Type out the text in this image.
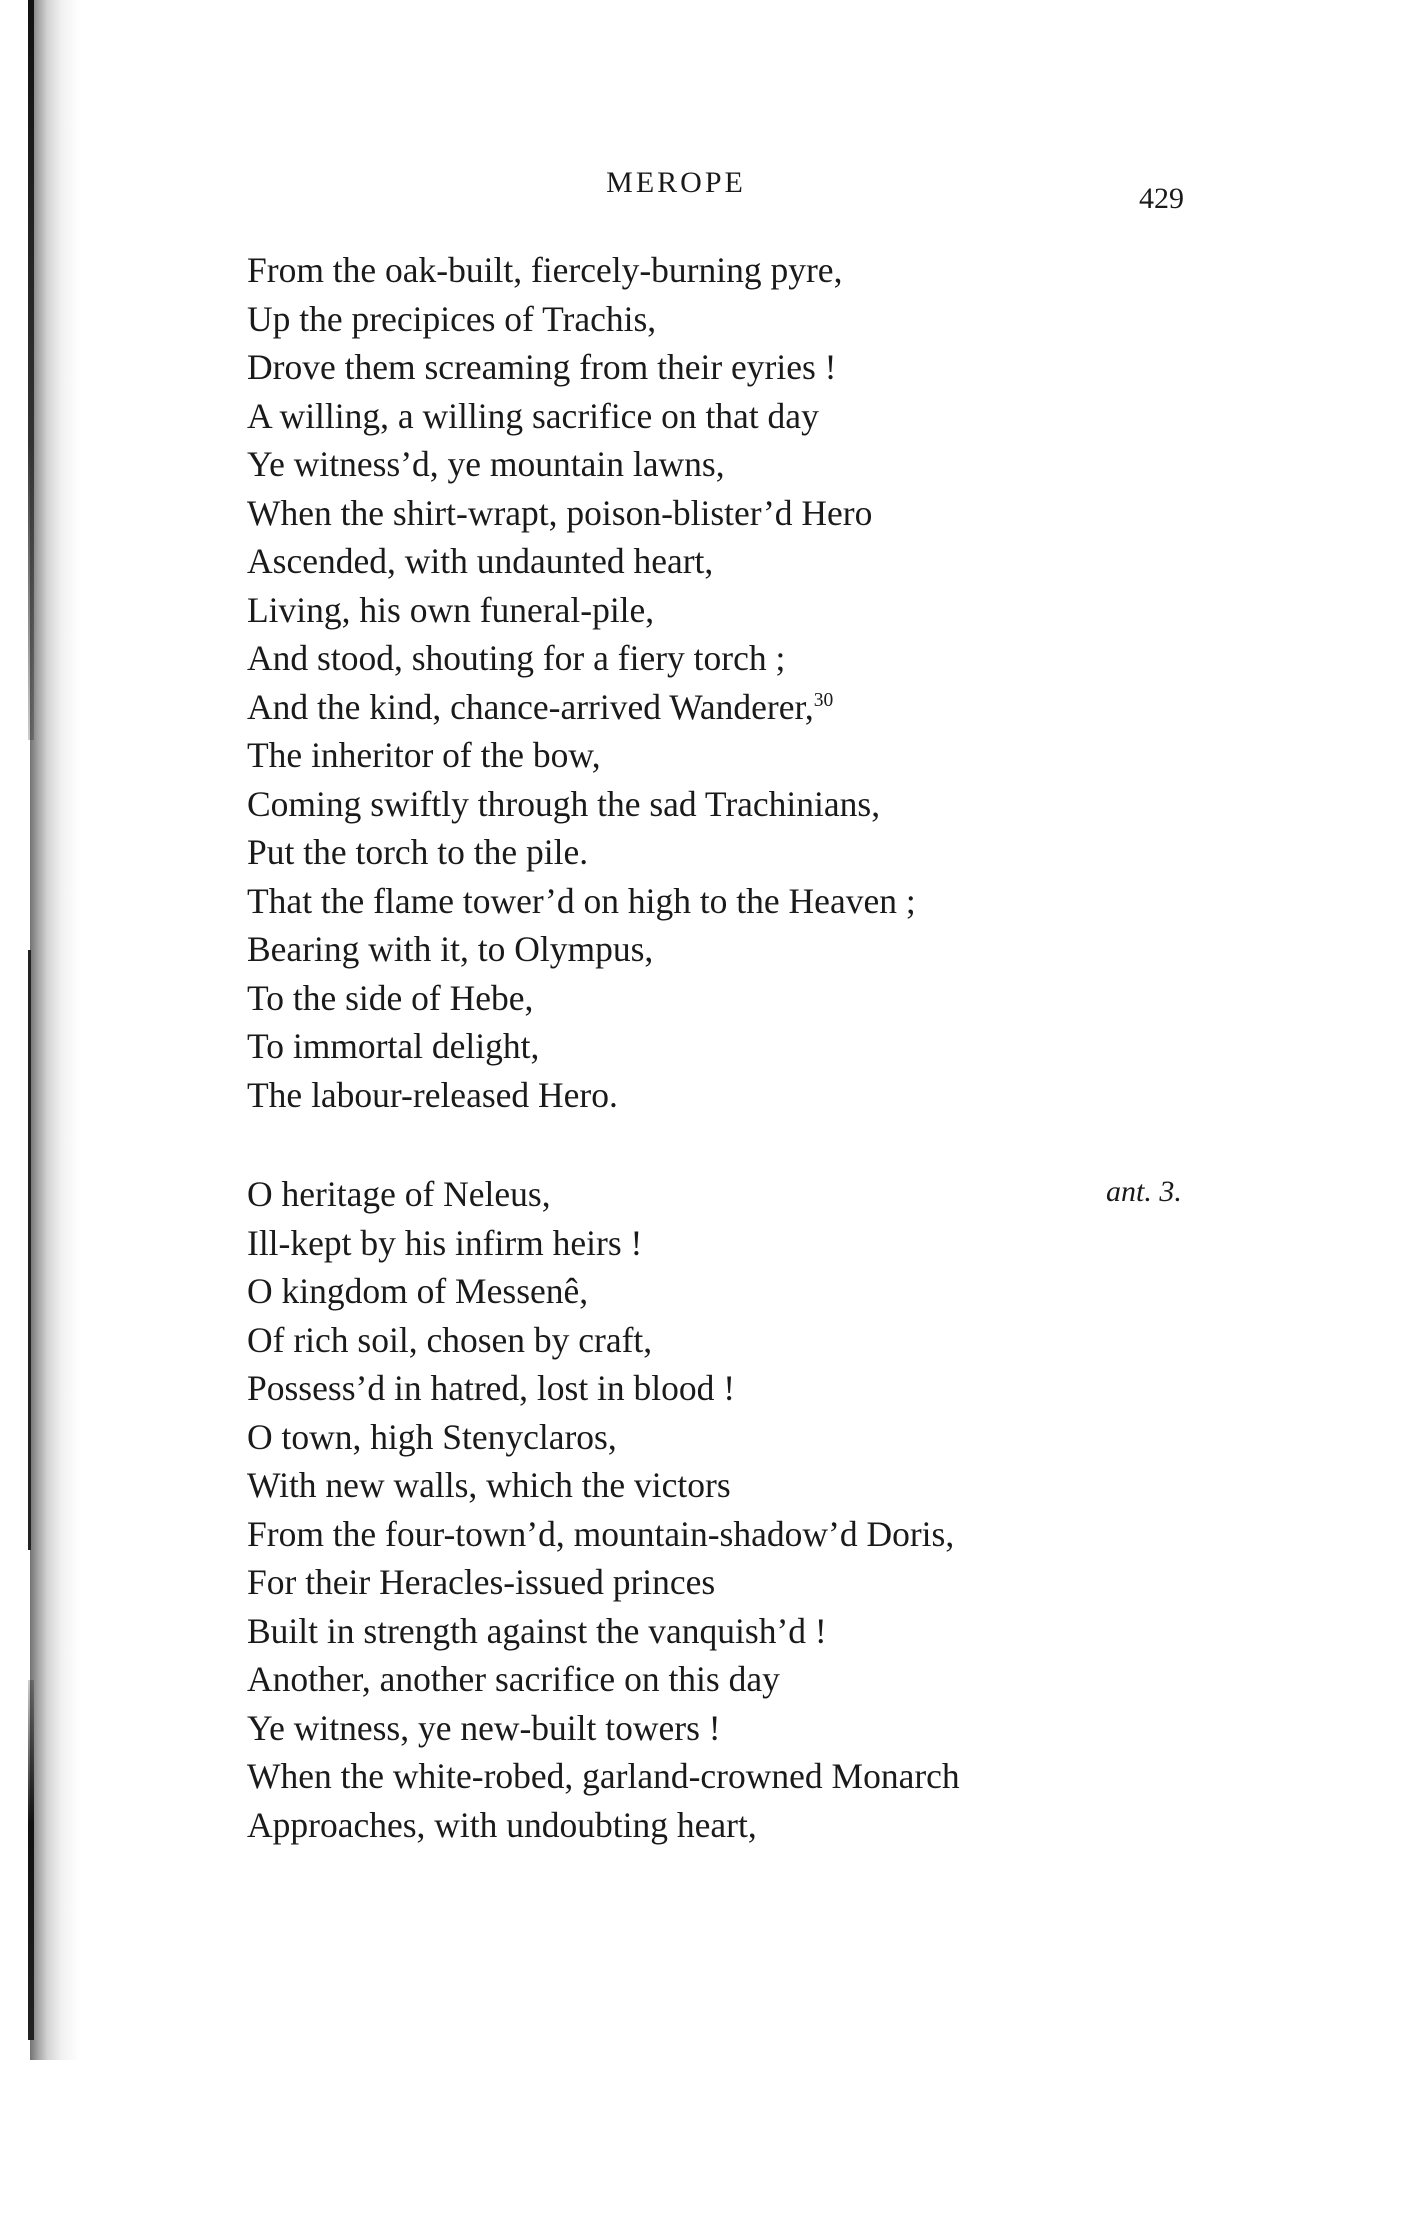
MEROPE	429
From the oak-built, fiercely-burning pyre,
Up the precipices of Trachis,
Drove them screaming from their eyries !
A willing, a willing sacrifice on that day
Ye witness’d, ye mountain lawns,
When the shirt-wrapt, poison-blister’d Hero
Ascended, with undaunted heart,
Living, his own funeral-pile,
And stood, shouting for a fiery torch ;
And the kind, chance-arrived Wanderer,$^{30}$
The inheritor of the bow,
Coming swiftly through the sad Trachinians,
Put the torch to the pile.
That the flame tower’d on high to the Heaven ;
Bearing with it, to Olympus,
To the side of Hebe,
To immortal delight,
The labour-released Hero.
ant. 3.
O heritage of Neleus,
Ill-kept by his infirm heirs !
O kingdom of Messenê,
Of rich soil, chosen by craft,
Possess’d in hatred, lost in blood !
O town, high Stenyclaros,
With new walls, which the victors
From the four-town’d, mountain-shadow’d Doris,
For their Heracles-issued princes
Built in strength against the vanquish’d !
Another, another sacrifice on this day
Ye witness, ye new-built towers !
When the white-robed, garland-crowned Monarch
Approaches, with undoubting heart,
